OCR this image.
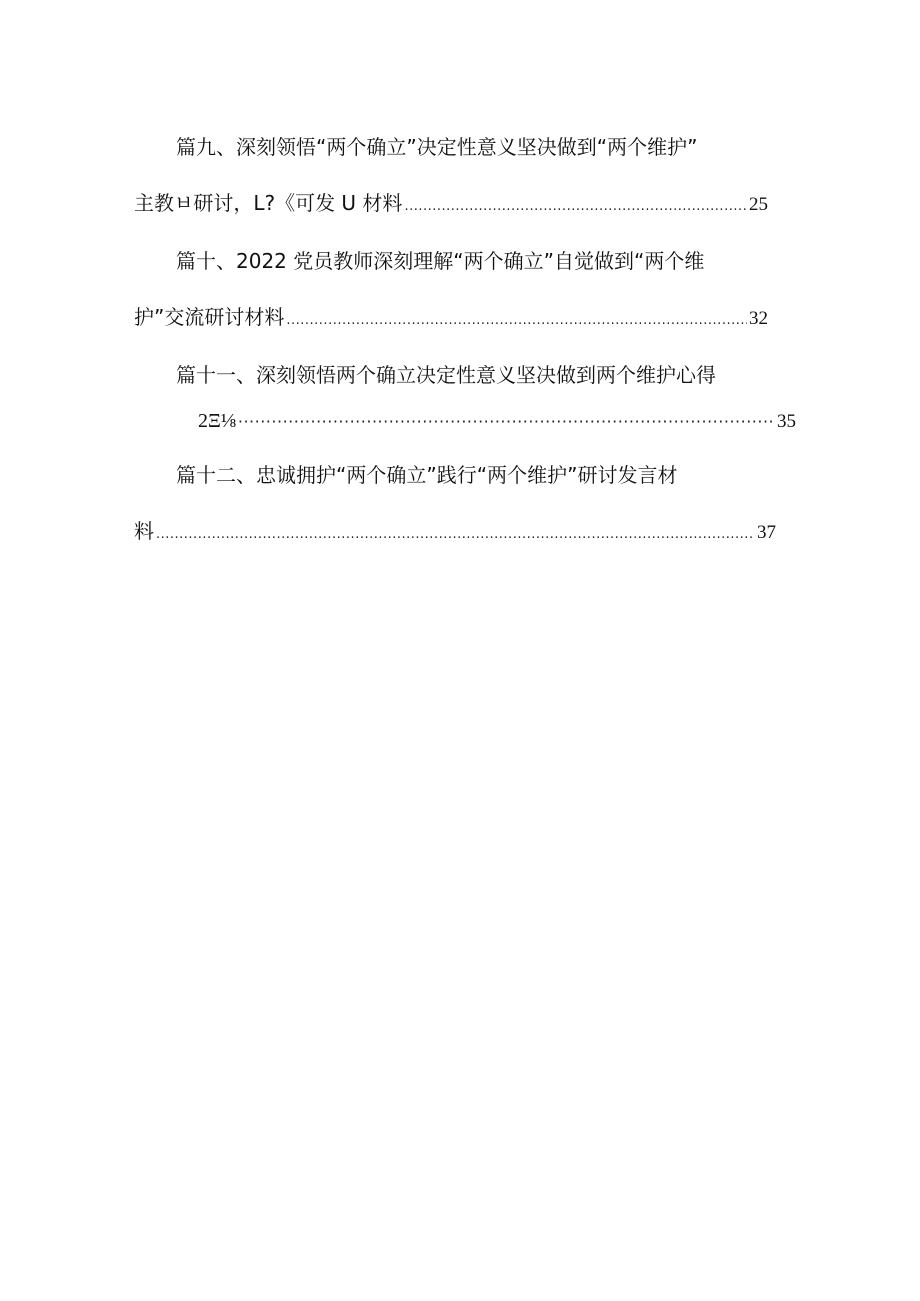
篇九、深刻领悟“两个确立”决定性意义坚决做到“两个维护”
主教ㅂ研讨，L?《可发 U 材料 .....	25
篇十、2022 党员教师深刻理解“两个确立”自觉做到“两个维
护”交流研讨材料 .....	32
篇十一、深刻领悟两个确立决定性意义坚决做到两个维护心得
2Ξ⅛ ·····	35
篇十二、忠诚拥护“两个确立”践行“两个维护”研讨发言材
料 .....	37
